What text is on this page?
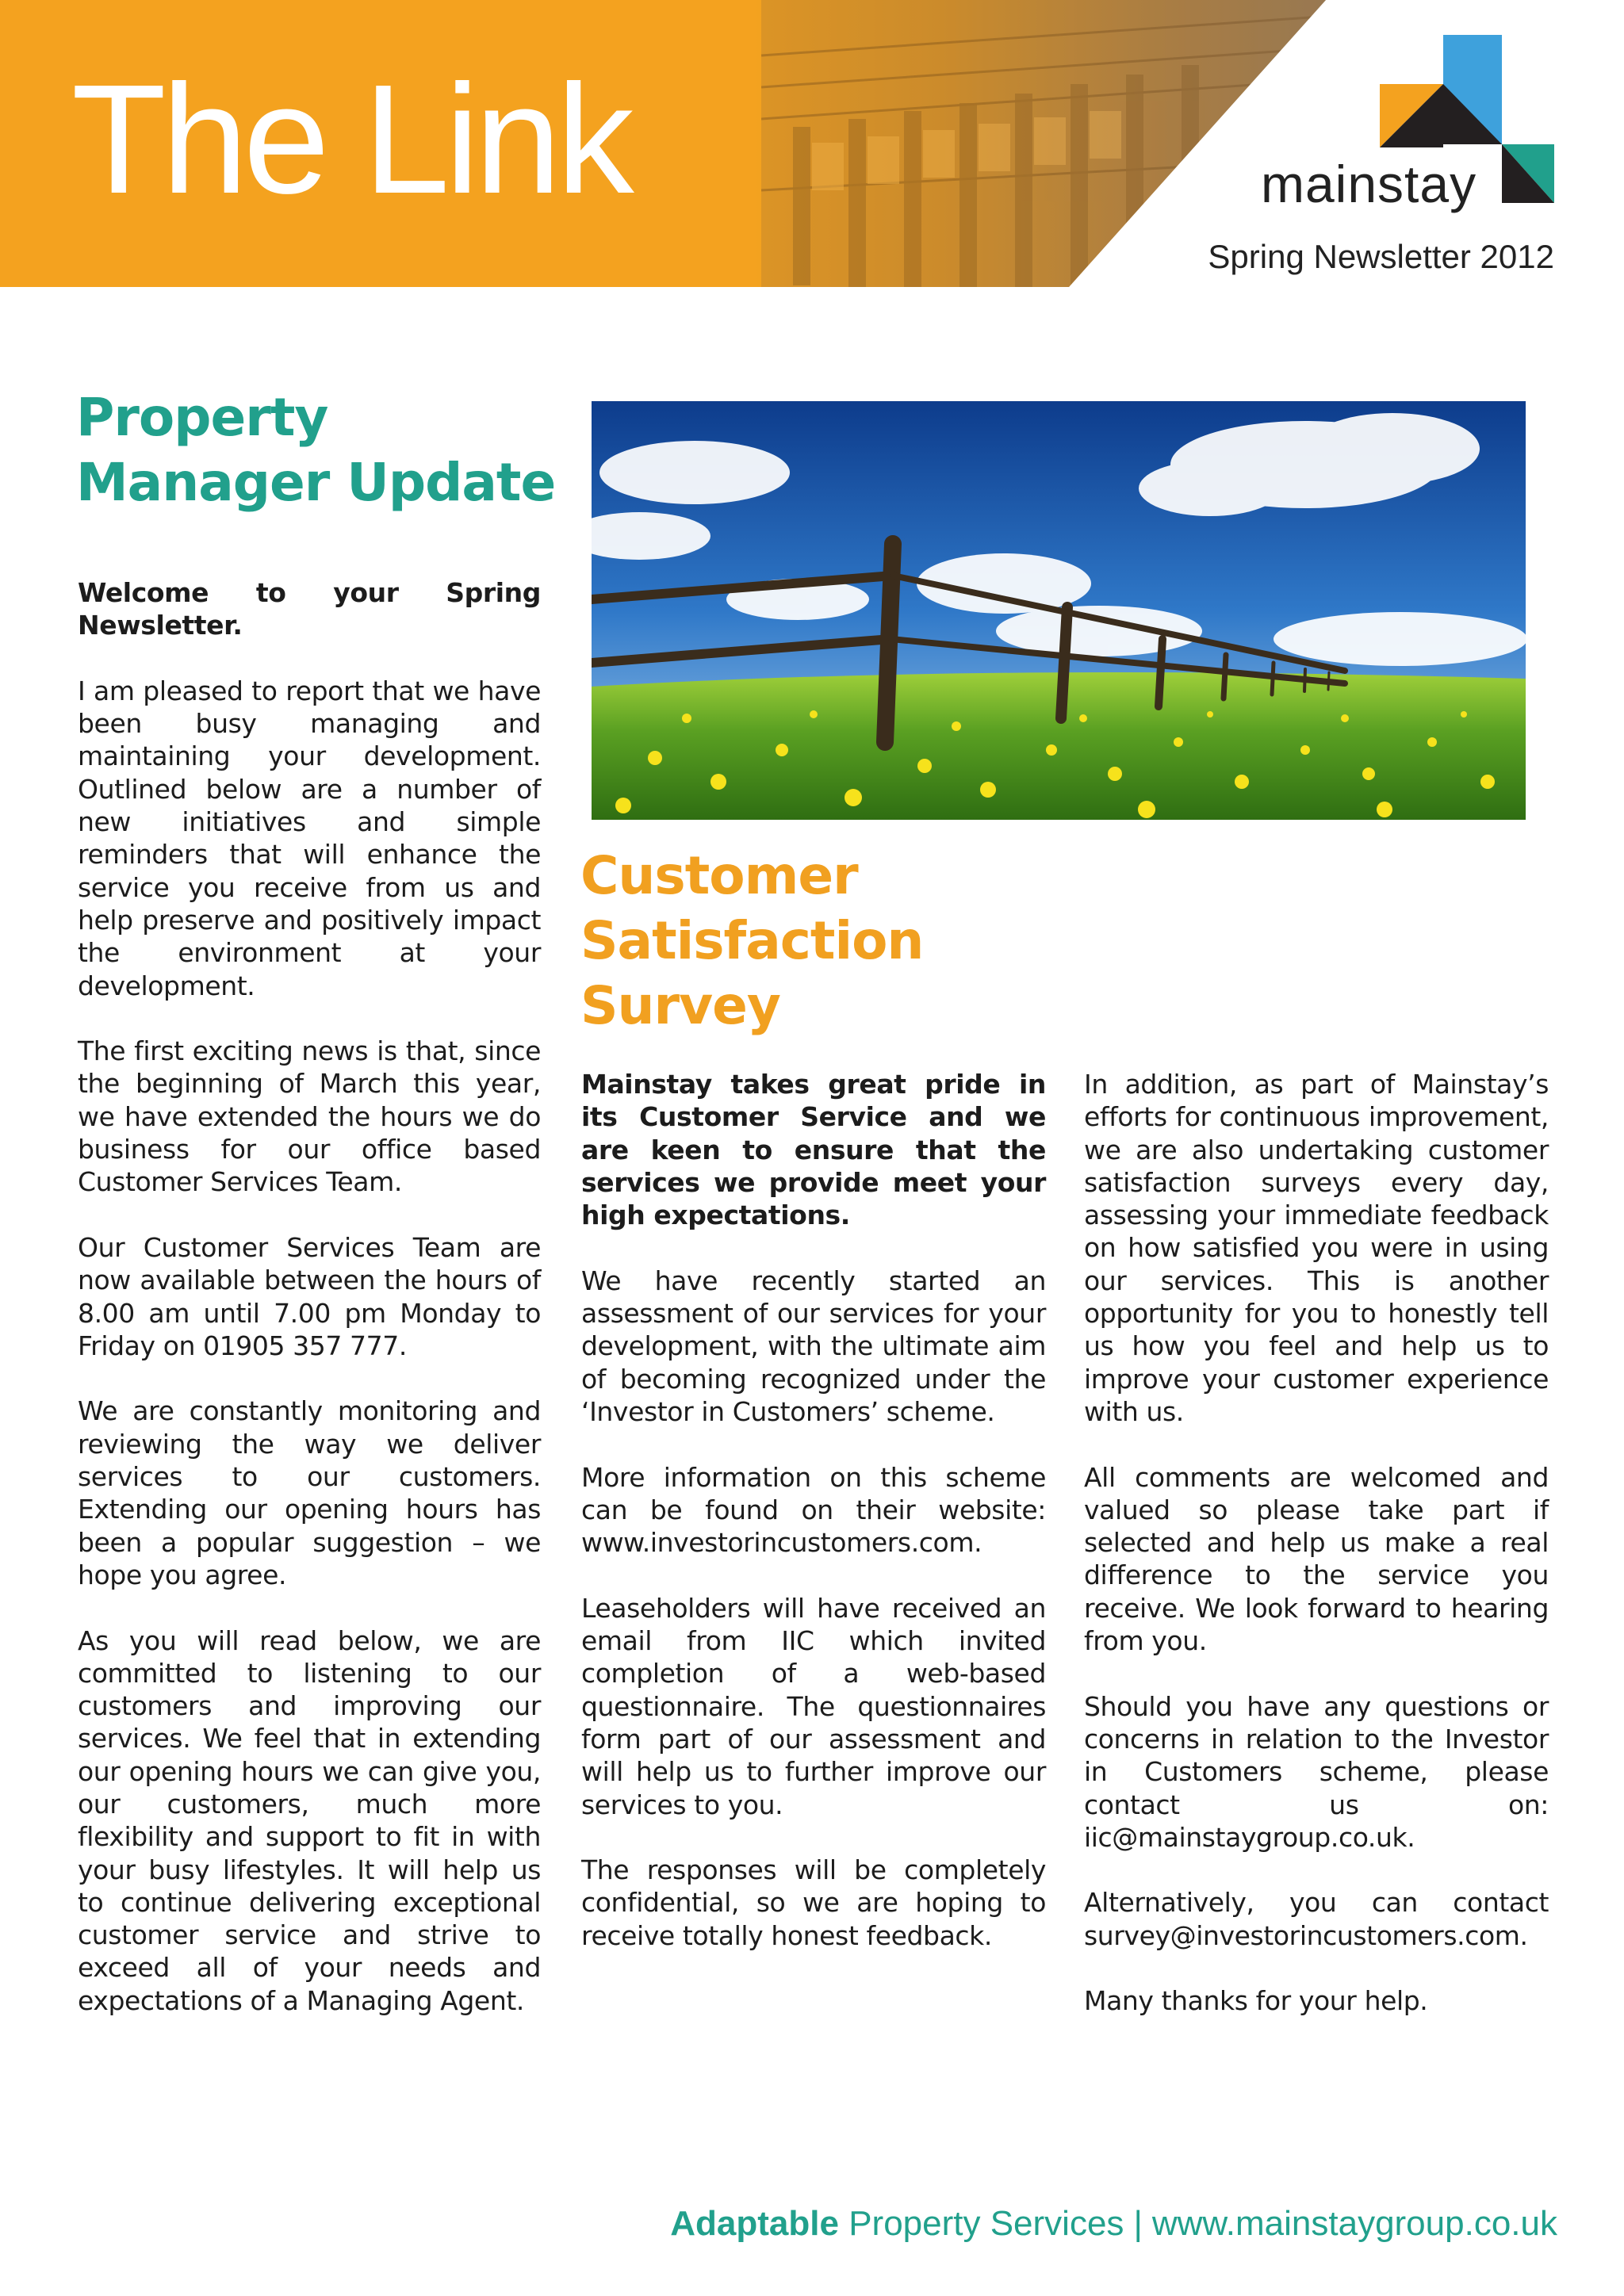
The Link	mainstay
Spring Newsletter 2012
Property
Manager Update
Customer
Satisfaction
Survey

Welcome to your Spring Newsletter.

I am pleased to report that we have been busy managing and maintaining your development. Outlined below are a number of new initiatives and simple reminders that will enhance the service you receive from us and help preserve and positively impact the environment at your development.

The first exciting news is that, since the beginning of March this year, we have extended the hours we do business for our office based Customer Services Team.

Our Customer Services Team are now available between the hours of 8.00 am until 7.00 pm Monday to Friday on 01905 357 777.

We are constantly monitoring and reviewing the way we deliver services to our customers. Extending our opening hours has been a popular suggestion – we hope you agree.

As you will read below, we are committed to listening to our customers and improving our services. We feel that in extending our opening hours we can give you, our customers, much more flexibility and support to fit in with your busy lifestyles. It will help us to continue delivering exceptional customer service and strive to exceed all of your needs and expectations of a Managing Agent.

Mainstay takes great pride in its Customer Service and we are keen to ensure that the services we provide meet your high expectations.

We have recently started an assessment of our services for your development, with the ultimate aim of becoming recognized under the ‘Investor in Customers’ scheme.

More information on this scheme can be found on their website: www.investorincustomers.com.

Leaseholders will have received an email from IIC which invited completion of a web-based questionnaire. The questionnaires form part of our assessment and will help us to further improve our services to you.

The responses will be completely confidential, so we are hoping to receive totally honest feedback.

In addition, as part of Mainstay’s efforts for continuous improvement, we are also undertaking customer satisfaction surveys every day, assessing your immediate feedback on how satisfied you were in using our services. This is another opportunity for you to honestly tell us how you feel and help us to improve your customer experience with us.

All comments are welcomed and valued so please take part if selected and help us make a real difference to the service you receive. We look forward to hearing from you.

Should you have any questions or concerns in relation to the Investor in Customers scheme, please contact us on: iic@mainstaygroup.co.uk.

Alternatively, you can contact survey@investorincustomers.com.

Many thanks for your help.

Adaptable Property Services | www.mainstaygroup.co.uk
